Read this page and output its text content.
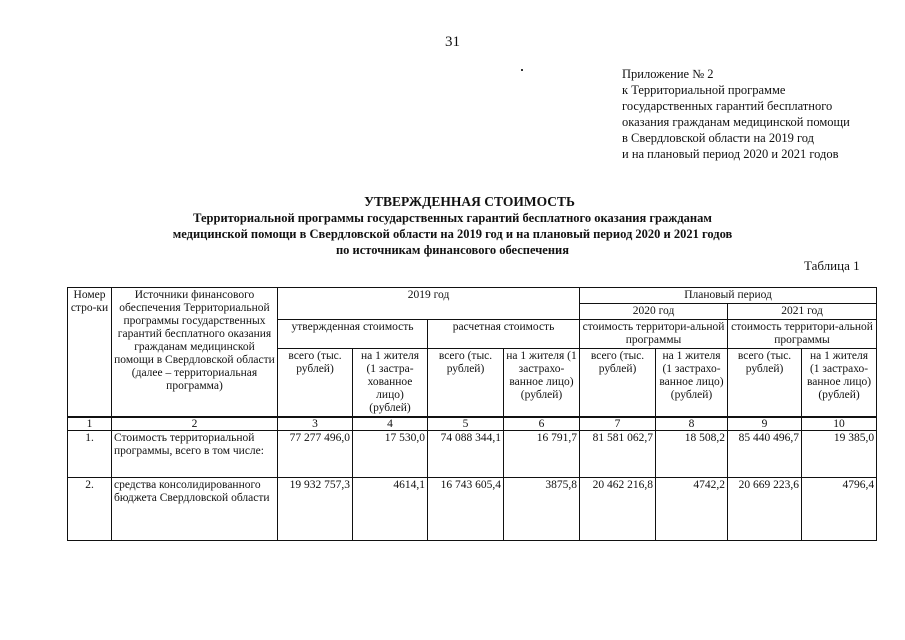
31
Приложение № 2
к Территориальной программе
государственных гарантий бесплатного
оказания гражданам медицинской помощи
в Свердловской области на 2019 год
и на плановый период 2020 и 2021 годов
УТВЕРЖДЕННАЯ СТОИМОСТЬ
Территориальной программы государственных гарантий бесплатного оказания гражданам
медицинской помощи в Свердловской области на 2019 год и на плановый период 2020 и 2021 годов
по источникам финансового обеспечения
Таблица 1
Номер стро-ки	Источники финансового обеспечения Территориальной программы государственных гарантий бесплатного оказания гражданам медицинской помощи в Свердловской области (далее – территориальная программа)	2019 год				Плановый период			
						2020 год		2021 год	
		утвержденная стоимость		расчетная стоимость		стоимость территори-альной программы		стоимость территори-альной программы	
		всего (тыс. рублей)	на 1 жителя (1 застра-хованное лицо) (рублей)	всего (тыс. рублей)	на 1 жителя (1 застрахо-ванное лицо) (рублей)	всего (тыс. рублей)	на 1 жителя (1 застрахо-ванное лицо) (рублей)	всего (тыс. рублей)	на 1 жителя (1 застрахо-ванное лицо) (рублей)
1	2	3	4	5	6	7	8	9	10
1.	Стоимость территориальной программы, всего в том числе:	77 277 496,0	17 530,0	74 088 344,1	16 791,7	81 581 062,7	18 508,2	85 440 496,7	19 385,0
2.	средства консолидированного бюджета Свердловской области	19 932 757,3	4614,1	16 743 605,4	3875,8	20 462 216,8	4742,2	20 669 223,6	4796,4
